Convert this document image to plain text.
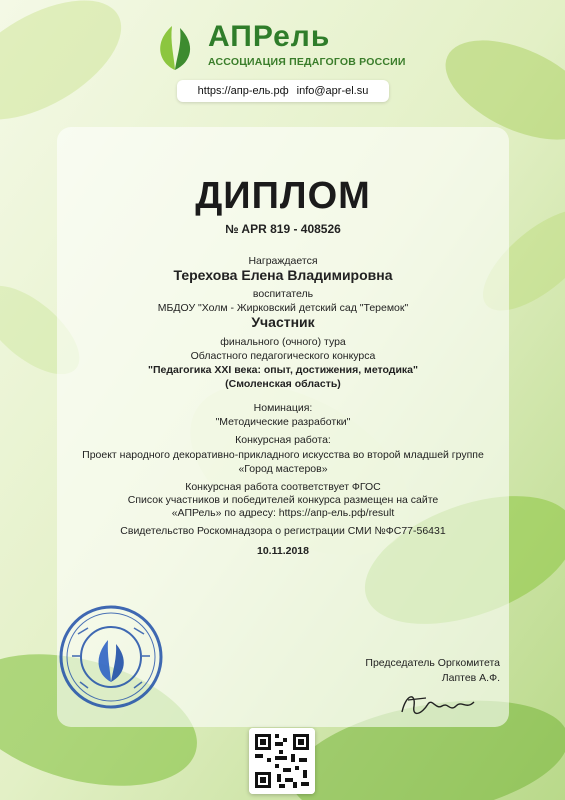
АПРель
АССОЦИАЦИЯ ПЕДАГОГОВ РОССИИ
https://апр-ель.рф info@apr-el.su
ДИПЛОМ
№ APR 819 - 408526
Награждается
Терехова Елена Владимировна
воспитатель
МБДОУ "Холм - Жирковский детский сад "Теремок"
Участник
финального (очного) тура
Областного педагогического конкурса
"Педагогика XXI века: опыт, достижения, методика"
(Смоленская область)
Номинация:
"Методические разработки"
Конкурсная работа:
Проект народного декоративно-прикладного искусства во второй младшей группе
«Город мастеров»
Конкурсная работа соответствует ФГОС
Список участников и победителей конкурса размещен на сайте
«АПРель» по адресу: https://апр-ель.рф/result
Свидетельство Роскомнадзора о регистрации СМИ №ФС77-56431
10.11.2018
Председатель Оргкомитета
Лаптев А.Ф.
